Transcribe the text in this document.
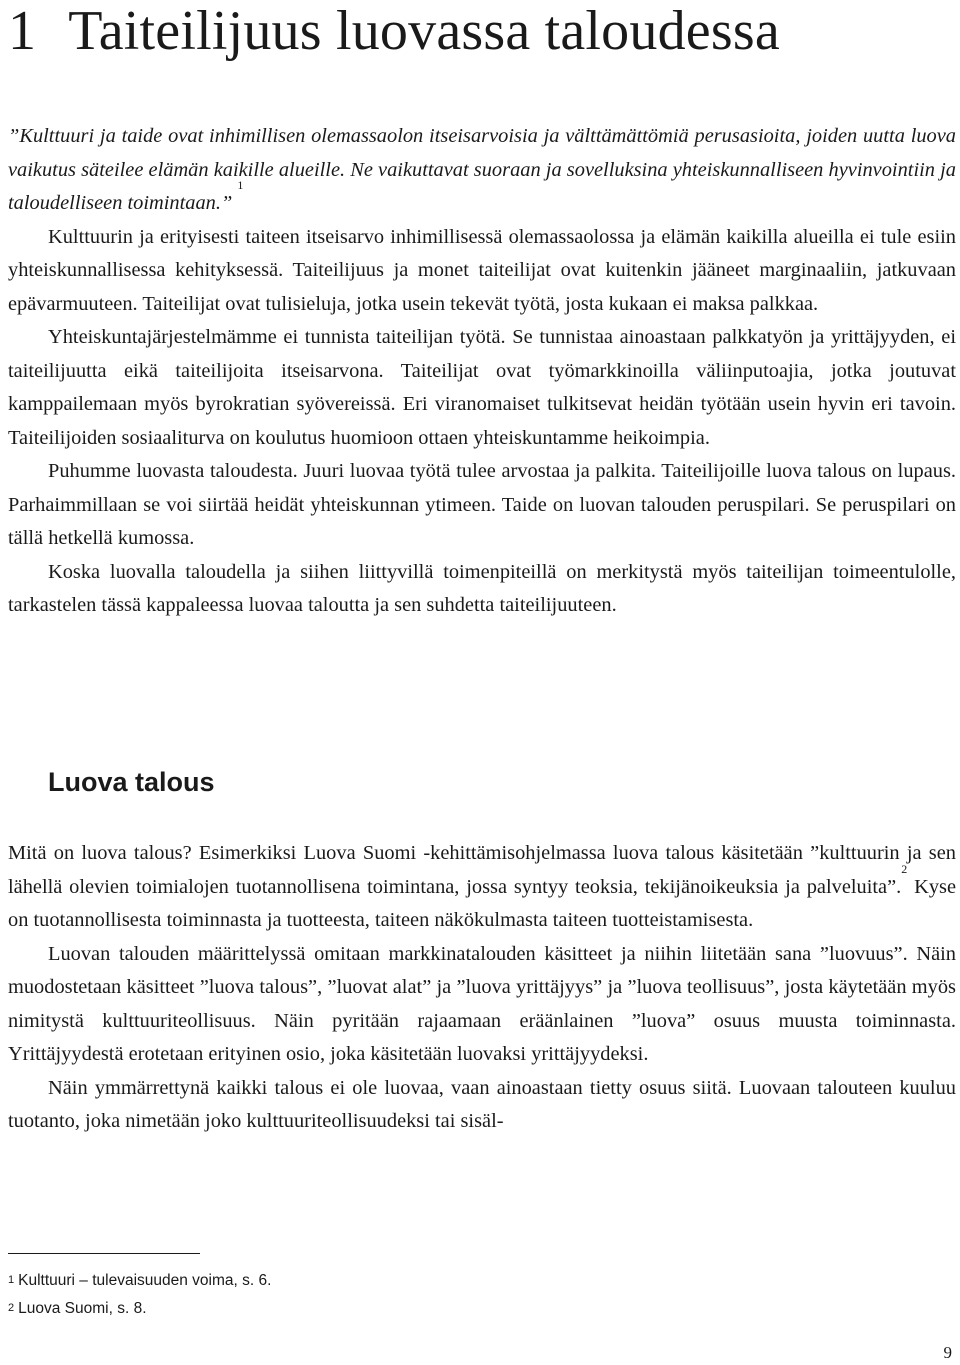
1 Taiteilijuus luovassa taloudessa

”Kulttuuri ja taide ovat inhimillisen olemassaolon itseisarvoisia ja välttämättömiä perusasioita, joiden uutta luova vaikutus säteilee elämän kaikille alueille. Ne vaikuttavat suoraan ja sovelluksina yhteiskunnalliseen hyvinvointiin ja taloudelliseen toimintaan.” $^1$

Kulttuurin ja erityisesti taiteen itseisarvo inhimillisessä olemassaolossa ja elämän kaikilla alueilla ei tule esiin yhteiskunnallisessa kehityksessä. Taiteilijuus ja monet taiteilijat ovat kuitenkin jääneet marginaaliin, jatkuvaan epävarmuuteen. Taiteilijat ovat tulisieluja, jotka usein tekevät työtä, josta kukaan ei maksa palkkaa.

Yhteiskuntajärjestelmämme ei tunnista taiteilijan työtä. Se tunnistaa ainoastaan palkkatyön ja yrittäjyyden, ei taiteilijuutta eikä taiteilijoita itseisarvona. Taiteilijat ovat työmarkkinoilla väliinputoajia, jotka joutuvat kamppailemaan myös byrokratian syövereissä. Eri viranomaiset tulkitsevat heidän työtään usein hyvin eri tavoin. Taiteilijoiden sosiaaliturva on koulutus huomioon ottaen yhteiskuntamme heikoimpia.

Puhumme luovasta taloudesta. Juuri luovaa työtä tulee arvostaa ja palkita. Taiteilijoille luova talous on lupaus. Parhaimmillaan se voi siirtää heidät yhteiskunnan ytimeen. Taide on luovan talouden peruspilari. Se peruspilari on tällä hetkellä kumossa.

Koska luovalla taloudella ja siihen liittyvillä toimenpiteillä on merkitystä myös taiteilijan toimeentulolle, tarkastelen tässä kappaleessa luovaa taloutta ja sen suhdetta taiteilijuuteen.

Luova talous

Mitä on luova talous? Esimerkiksi Luova Suomi -kehittämisohjelmassa luova talous käsitetään ”kulttuurin ja sen lähellä olevien toimialojen tuotannollisena toimintana, jossa syntyy teoksia, tekijänoikeuksia ja palveluita”.$^2$ Kyse on tuotannollisesta toiminnasta ja tuotteesta, taiteen näkökulmasta taiteen tuotteistamisesta.

Luovan talouden määrittelyssä omitaan markkinatalouden käsitteet ja niihin liitetään sana ”luovuus”. Näin muodostetaan käsitteet ”luova talous”, ”luovat alat” ja ”luova yrittäjyys” ja ”luova teollisuus”, josta käytetään myös nimitystä kulttuuriteollisuus. Näin pyritään rajaamaan eräänlainen ”luova” osuus muusta toiminnasta. Yrittäjyydestä erotetaan erityinen osio, joka käsitetään luovaksi yrittäjyydeksi.

Näin ymmärrettynä kaikki talous ei ole luovaa, vaan ainoastaan tietty osuus siitä. Luovaan talouteen kuuluu tuotanto, joka nimetään joko kulttuuriteollisuudeksi tai sisäl-

$^1$ Kulttuuri – tulevaisuuden voima, s. 6.
$^2$ Luova Suomi, s. 8.
9
